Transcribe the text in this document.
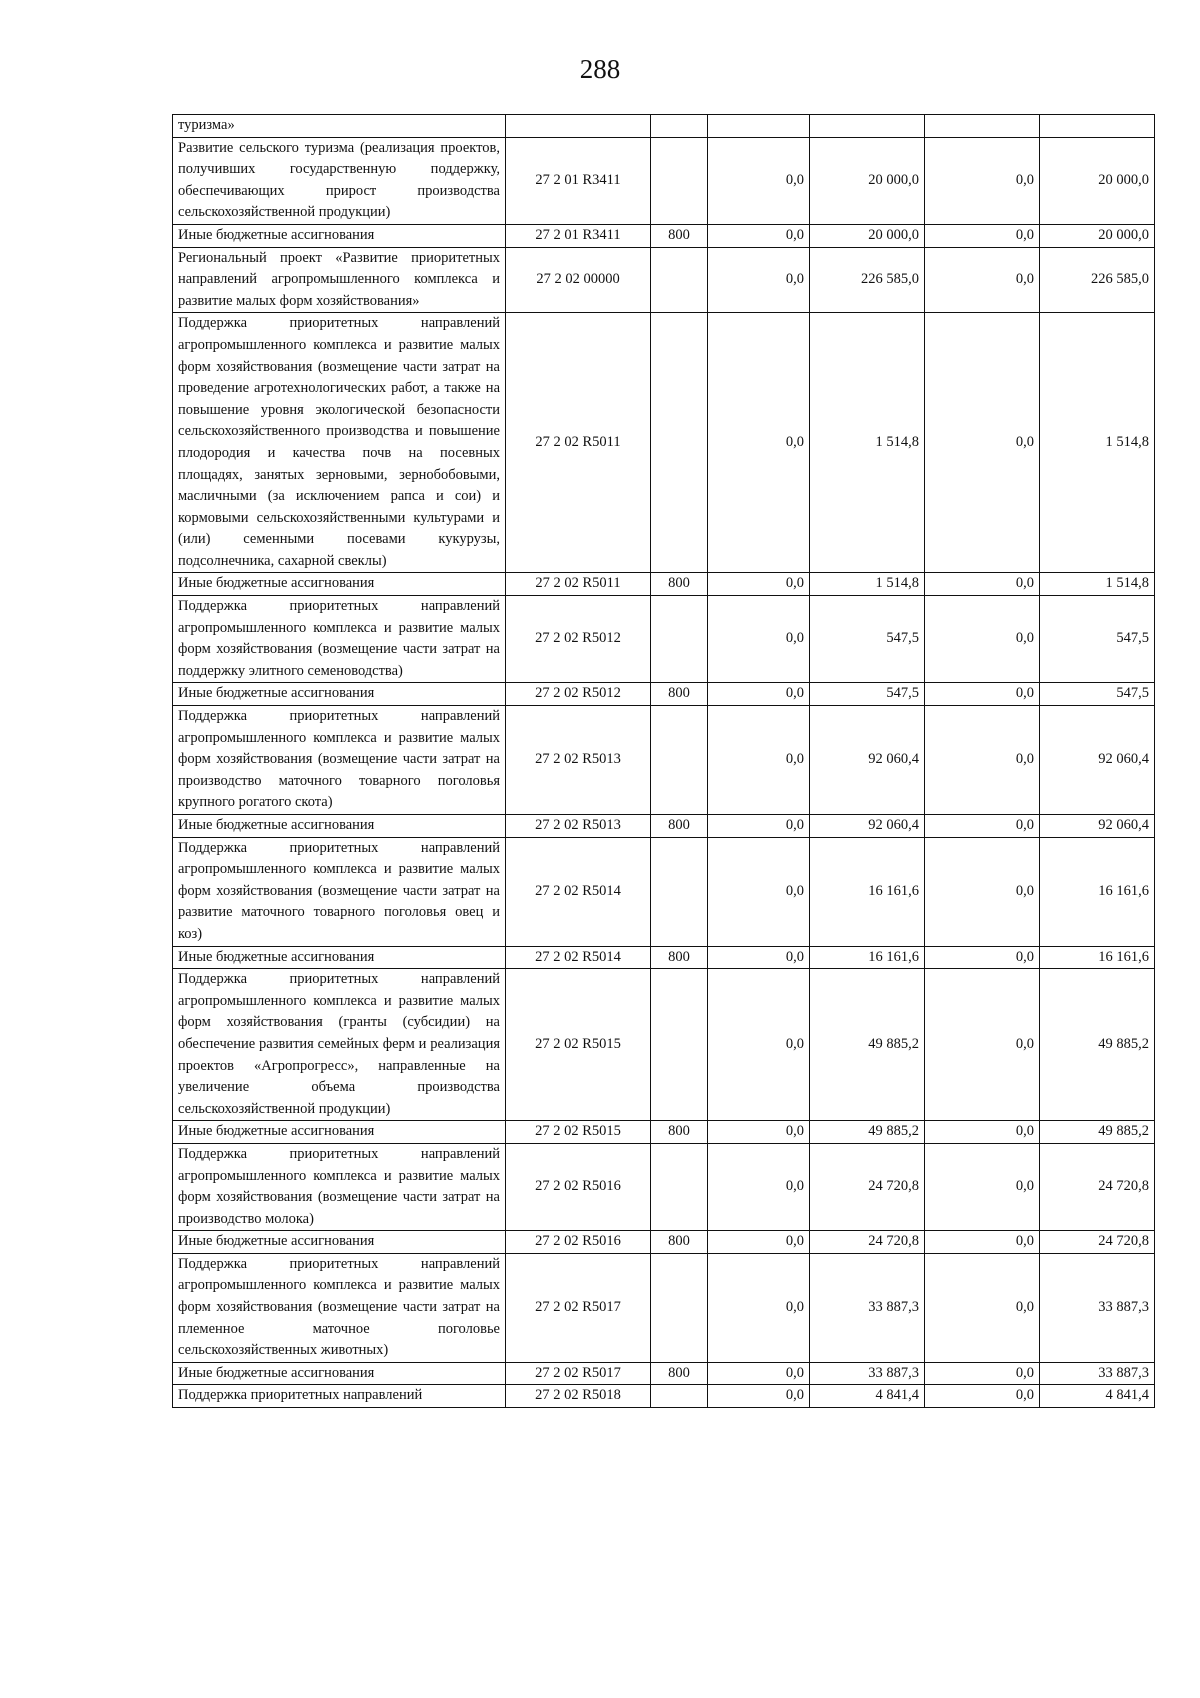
288
туризма»						
Развитие сельского туризма (реализация проектов, получивших государственную поддержку, обеспечивающих прирост производства сельскохозяйственной продукции)	27 2 01 R3411		0,0	20 000,0	0,0	20 000,0
Иные бюджетные ассигнования	27 2 01 R3411	800	0,0	20 000,0	0,0	20 000,0
Региональный проект «Развитие приоритетных направлений агропромышленного комплекса и развитие малых форм хозяйствования»	27 2 02 00000		0,0	226 585,0	0,0	226 585,0
Поддержка приоритетных направлений агропромышленного комплекса и развитие малых форм хозяйствования (возмещение части затрат на проведение агротехнологических работ, а также на повышение уровня экологической безопасности сельскохозяйственного производства и повышение плодородия и качества почв на посевных площадях, занятых зерновыми, зернобобовыми, масличными (за исключением рапса и сои) и кормовыми сельскохозяйственными культурами и (или) семенными посевами кукурузы, подсолнечника, сахарной свеклы)	27 2 02 R5011		0,0	1 514,8	0,0	1 514,8
Иные бюджетные ассигнования	27 2 02 R5011	800	0,0	1 514,8	0,0	1 514,8
Поддержка приоритетных направлений агропромышленного комплекса и развитие малых форм хозяйствования (возмещение части затрат на поддержку элитного семеноводства)	27 2 02 R5012		0,0	547,5	0,0	547,5
Иные бюджетные ассигнования	27 2 02 R5012	800	0,0	547,5	0,0	547,5
Поддержка приоритетных направлений агропромышленного комплекса и развитие малых форм хозяйствования (возмещение части затрат на производство маточного товарного поголовья крупного рогатого скота)	27 2 02 R5013		0,0	92 060,4	0,0	92 060,4
Иные бюджетные ассигнования	27 2 02 R5013	800	0,0	92 060,4	0,0	92 060,4
Поддержка приоритетных направлений агропромышленного комплекса и развитие малых форм хозяйствования (возмещение части затрат на развитие маточного товарного поголовья овец и коз)	27 2 02 R5014		0,0	16 161,6	0,0	16 161,6
Иные бюджетные ассигнования	27 2 02 R5014	800	0,0	16 161,6	0,0	16 161,6
Поддержка приоритетных направлений агропромышленного комплекса и развитие малых форм хозяйствования (гранты (субсидии) на обеспечение развития семейных ферм и реализация проектов «Агропрогресс», направленные на увеличение объема производства сельскохозяйственной продукции)	27 2 02 R5015		0,0	49 885,2	0,0	49 885,2
Иные бюджетные ассигнования	27 2 02 R5015	800	0,0	49 885,2	0,0	49 885,2
Поддержка приоритетных направлений агропромышленного комплекса и развитие малых форм хозяйствования (возмещение части затрат на производство молока)	27 2 02 R5016		0,0	24 720,8	0,0	24 720,8
Иные бюджетные ассигнования	27 2 02 R5016	800	0,0	24 720,8	0,0	24 720,8
Поддержка приоритетных направлений агропромышленного комплекса и развитие малых форм хозяйствования (возмещение части затрат на племенное маточное поголовье сельскохозяйственных животных)	27 2 02 R5017		0,0	33 887,3	0,0	33 887,3
Иные бюджетные ассигнования	27 2 02 R5017	800	0,0	33 887,3	0,0	33 887,3
Поддержка приоритетных направлений	27 2 02 R5018		0,0	4 841,4	0,0	4 841,4
